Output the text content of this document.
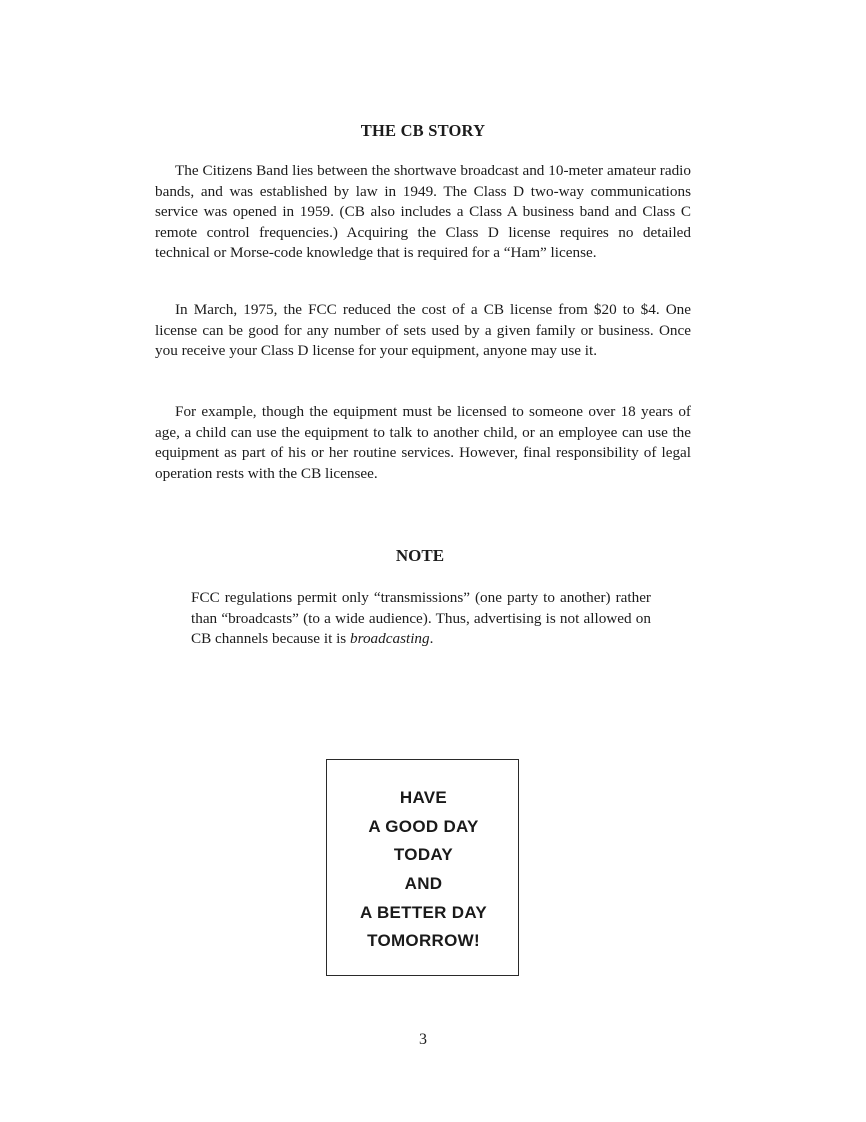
THE CB STORY

The Citizens Band lies between the shortwave broadcast and 10-meter amateur radio bands, and was established by law in 1949. The Class D two-way communications service was opened in 1959. (CB also includes a Class A business band and Class C remote control frequencies.) Acquiring the Class D license requires no detailed technical or Morse-code knowledge that is required for a “Ham” license.

In March, 1975, the FCC reduced the cost of a CB license from $20 to $4. One license can be good for any number of sets used by a given family or business. Once you receive your Class D license for your equipment, anyone may use it.

For example, though the equipment must be licensed to someone over 18 years of age, a child can use the equipment to talk to another child, or an employee can use the equipment as part of his or her routine services. However, final responsibility of legal operation rests with the CB licensee.

NOTE

FCC regulations permit only “transmissions” (one party to another) rather than “broadcasts” (to a wide audience). Thus, advertising is not allowed on CB channels because it is broadcasting.

HAVE
A GOOD DAY
TODAY
AND
A BETTER DAY
TOMORROW!
3
